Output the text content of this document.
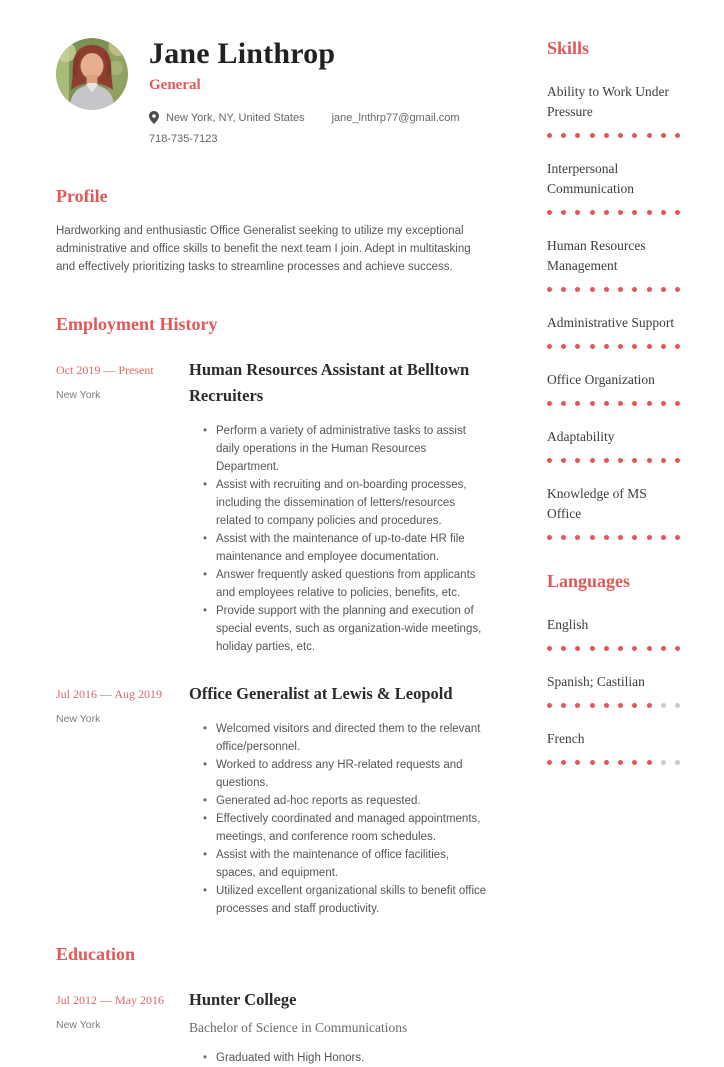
Jane Linthrop
General
New York, NY, United States jane_lnthrp77@gmail.com
718-735-7123
Profile

Hardworking and enthusiastic Office Generalist seeking to utilize my exceptional administrative and office skills to benefit the next team I join. Adept in multitasking and effectively prioritizing tasks to streamline processes and achieve success.

Employment History
Oct 2019 — Present
New York
Human Resources Assistant at Belltown Recruiters
• Perform a variety of administrative tasks to assist daily operations in the Human Resources Department.
• Assist with recruiting and on-boarding processes, including the dissemination of letters/resources related to company policies and procedures.
• Assist with the maintenance of up-to-date HR file maintenance and employee documentation.
• Answer frequently asked questions from applicants and employees relative to policies, benefits, etc.
• Provide support with the planning and execution of special events, such as organization-wide meetings, holiday parties, etc.
Jul 2016 — Aug 2019
New York
Office Generalist at Lewis & Leopold
• Welcomed visitors and directed them to the relevant office/personnel.
• Worked to address any HR-related requests and questions.
• Generated ad-hoc reports as requested.
• Effectively coordinated and managed appointments, meetings, and conference room schedules.
• Assist with the maintenance of office facilities, spaces, and equipment.
• Utilized excellent organizational skills to benefit office processes and staff productivity.
Education
Jul 2012 — May 2016
New York
Hunter College
Bachelor of Science in Communications
• Graduated with High Honors.
Skills
Ability to Work Under Pressure
Interpersonal Communication
Human Resources Management
Administrative Support
Office Organization
Adaptability
Knowledge of MS Office
Languages
English
Spanish; Castilian
French
